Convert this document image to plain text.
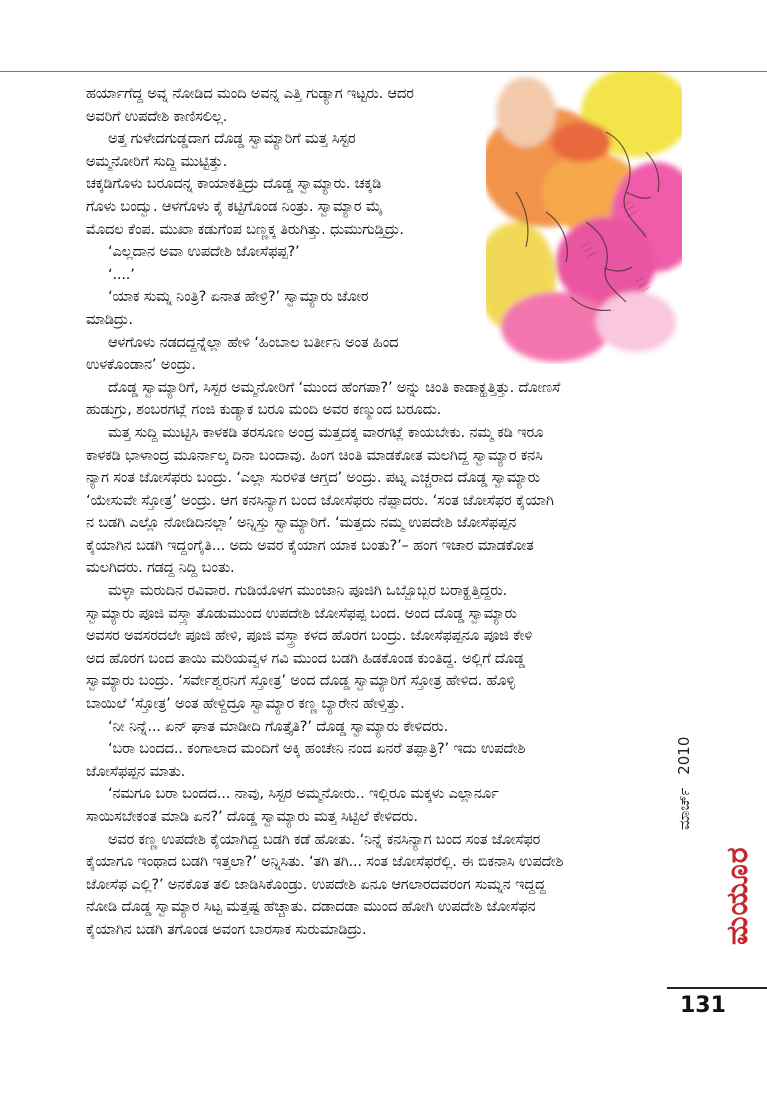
ಹರ್ಯಾಗೆದ್ದ ಅವ್ನ ನೋಡಿದ ಮಂದಿ ಅವನ್ನ ಎತ್ತಿ ಗುಡ್ಯಾಗ ಇಟ್ಟರು. ಆದರ
ಅವರಿಗೆ ಉಪದೇಶಿ ಕಾಣಿಸಲಿಲ್ಲ.
ಅತ್ತ ಗುಳೇದಗುಡ್ಡದಾಗ ದೊಡ್ಡ ಸ್ವಾಮ್ಯಾರಿಗೆ ಮತ್ತ ಸಿಸ್ಟರ
ಅಮ್ಮನೋರಿಗೆ ಸುದ್ದಿ ಮುಟ್ಟಿತ್ತು.
ಚಕ್ಕಡಿಗೊಳು ಬರೂದನ್ನ ಕಾಯಾಕತ್ತಿದ್ರು ದೊಡ್ಡ ಸ್ವಾಮ್ಯಾರು. ಚಕ್ಕಡಿ
ಗೊಳು ಬಂದ್ವು. ಆಳಗೊಳು ಕೈ ಕಟ್ಟಿಗೊಂಡ ನಿಂತ್ರು. ಸ್ವಾಮ್ಯಾರ ಮೈ
ಮೊದಲ ಕೆಂಪ. ಮುಖಾ ಕಡುಗೆಂಪ ಬಣ್ಣಕ್ಕ ತಿರುಗಿತ್ತು. ಧುಮುಗುಡ್ತಿದ್ರು.
‘ಎಲ್ಲದಾನ ಅವಾ ಉಪದೇಶಿ ಜೋಸೆಫಪ್ಪ?’
‘....’
‘ಯಾಕ ಸುಮ್ನ ನಿಂತ್ರಿ? ಏನಾತ ಹೇಳ್ರಿ?’ ಸ್ವಾಮ್ಯಾರು ಜೋರ
ಮಾಡಿದ್ರು.
ಆಳಗೊಳು ನಡದದ್ದನ್ನೆಲ್ಲಾ ಹೇಳಿ ‘ಹಿಂಬಾಲ ಬರ್ತೀನಿ ಅಂತ ಹಿಂದ
ಉಳಕೊಂಡಾನ’ ಅಂದ್ರು.
ದೊಡ್ಡ ಸ್ವಾಮ್ಯಾರಿಗೆ, ಸಿಸ್ಟರ ಅಮ್ಮನೋರಿಗೆ ‘ಮುಂದ ಹೆಂಗಪಾ?’ ಅನ್ನು ಚಿಂತಿ ಕಾಡಾಕ್ಹತ್ತಿತ್ತು. ದೋಣಸೆ
ಹುಡುಗ್ರು, ಶಂಬರಗಟ್ಲೆ ಗಂಜಿ ಕುಡ್ಯಾಕ ಬರೂ ಮಂದಿ ಅವರ ಕಣ್ಮುಂದ ಬರೂದು.
ಮತ್ತ ಸುದ್ದಿ ಮುಟ್ಟಿಸಿ ಕಾಳಕಡಿ ತರಸೂಣ ಅಂದ್ರ ಮತ್ತದಕ್ಕ ವಾರಗಟ್ಲೆ ಕಾಯಬೇಕು. ನಮ್ಮ ಕಡಿ ಇರೂ
ಕಾಳಕಡಿ ಭಾಳಾಂದ್ರ ಮೂರ್ನಾಲ್ಕ ದಿನಾ ಬಂದಾವು. ಹಿಂಗ ಚಿಂತಿ ಮಾಡಕೋತ ಮಲಗಿದ್ದ ಸ್ವಾಮ್ಯಾರ ಕನಸಿ
ನ್ಯಾಗ ಸಂತ ಜೋಸೆಫರು ಬಂದ್ರು. ‘ಎಲ್ಲಾ ಸುರಳಿತ ಆಗ್ತದ’ ಅಂದ್ರು. ಪಟ್ನ ಎಚ್ಚರಾದ ದೊಡ್ಡ ಸ್ವಾಮ್ಯಾರು
‘ಯೇಸುವೇ ಸ್ತೋತ್ರ’ ಅಂದ್ರು. ಆಗ ಕನಸಿನ್ಯಾಗ ಬಂದ ಜೋಸೆಫರು ನೆಪ್ಪಾದರು. ‘ಸಂತ ಜೋಸೆಫರ ಕೈಯಾಗಿ
ನ ಬಡಗಿ ಎಲ್ಲೊ ನೋಡಿದಿನಲ್ಲಾ’ ಅನ್ನಿಸ್ತು ಸ್ವಾಮ್ಯಾರಿಗೆ. ‘ಮತ್ತದು ನಮ್ಮ ಉಪದೇಶಿ ಜೋಸೆಫಪ್ಪನ
ಕೈಯಾಗಿನ ಬಡಗಿ ಇದ್ದಂಗೈತಿ... ಅದು ಅವರ ಕೈಯಾಗ ಯಾಕ ಬಂತು?’– ಹಂಗ ಇಚಾರ ಮಾಡಕೋತ
ಮಲಗಿದರು. ಗಡದ್ದ ನಿದ್ದಿ ಬಂತು.
ಮಳ್ಳಾ ಮರುದಿನ ರವಿವಾರ. ಗುಡಿಯೊಳಗ ಮುಂಜಾನಿ ಪೂಜಿಗಿ ಒಬ್ಬೊಬ್ಬರ ಬರಾಕ್ಹತ್ತಿದ್ದರು.
ಸ್ವಾಮ್ಯಾರು ಪೂಜಿ ವಸ್ತ್ರಾ ತೊಡುಮುಂದ ಉಪದೇಶಿ ಜೋಸೆಫಪ್ಪ ಬಂದ. ಅಂದ ದೊಡ್ಡ ಸ್ವಾಮ್ಯಾರು
ಅವಸರ ಅವಸರದಲೇ ಪೂಜಿ ಹೇಳಿ, ಪೂಜಿ ವಸ್ತ್ರಾ ಕಳದ ಹೊರಗ ಬಂದ್ರು. ಜೋಸೆಫಪ್ಪನೂ ಪೂಜಿ ಕೇಳಿ
ಅದ ಹೊರಗ ಬಂದ ತಾಯಿ ಮರಿಯವ್ವಳ ಗವಿ ಮುಂದ ಬಡಗಿ ಹಿಡಕೊಂಡ ಕುಂತಿದ್ದ. ಅಲ್ಲಿಗೆ ದೊಡ್ಡ
ಸ್ವಾಮ್ಯಾರು ಬಂದ್ರು. ‘ಸರ್ವೇಶ್ವರನಿಗೆ ಸ್ತೋತ್ರ’ ಅಂದ ದೊಡ್ಡ ಸ್ವಾಮ್ಯಾರಿಗೆ ಸ್ತೋತ್ರ ಹೇಳಿದ. ಹೊಳ್ಳಿ
ಬಾಯಿಲೆ ‘ಸ್ತೋತ್ರ’ ಅಂತ ಹೇಳ್ದಿದ್ರೂ ಸ್ವಾಮ್ಯಾರ ಕಣ್ಣ ಬ್ಯಾರೇನ ಹೇಳ್ತಿತ್ತು.
‘ನೀ ನಿನ್ನೆ... ಏನ್ ಘಾತ ಮಾಡೀದಿ ಗೊತ್ತೈತಿ?’ ದೊಡ್ಡ ಸ್ವಾಮ್ಯಾರು ಕೇಳಿದರು.
‘ಬರಾ ಬಂದದ.. ಕಂಗಾಲಾದ ಮಂದಿಗೆ ಅಕ್ಕಿ ಹಂಚೇನಿ ನಂದ ಏನರೆ ತಪ್ಪಾತ್ರಿ?’ ಇದು ಉಪದೇಶಿ
ಜೋಸೆಫಪ್ಪನ ಮಾತು.
‘ನಮಗೂ ಬರಾ ಬಂದದ... ನಾವು, ಸಿಸ್ಟರ ಅಮ್ಮನೋರು.. ಇಲ್ಲಿರೂ ಮಕ್ಕಳು ಎಲ್ಲಾರ್ನೂ
ಸಾಯಿಸಬೇಕಂತ ಮಾಡಿ ಏನ?’ ದೊಡ್ಡ ಸ್ವಾಮ್ಯಾರು ಮತ್ತ ಸಿಟ್ಟಿಲೆ ಕೇಳಿದರು.
ಅವರ ಕಣ್ಣ ಉಪದೇಶಿ ಕೈಯಾಗಿದ್ದ ಬಡಗಿ ಕಡೆ ಹೋತು. ‘ನಿನ್ನೆ ಕನಸಿನ್ಯಾಗ ಬಂದ ಸಂತ ಜೋಸೆಫರ
ಕೈಯಾಗೂ ಇಂಥಾದ ಬಡಗಿ ಇತ್ತಲಾ?’ ಅನ್ನಿಸಿತು. ‘ತಗಿ ತಗಿ... ಸಂತ ಜೋಸೆಫರೆಲ್ಲಿ. ಈ ಬಿಕನಾಸಿ ಉಪದೇಶಿ
ಜೋಸೆಫ ಎಲ್ಲಿ?’ ಅನಕೊತ ತಲಿ ಜಾಡಿಸಿಕೊಂಡ್ರು. ಉಪದೇಶಿ ಏನೂ ಆಗಲಾರದವರಂಗ ಸುಮ್ನನ ಇದ್ದದ್ದ
ನೋಡಿ ದೊಡ್ಡ ಸ್ವಾಮ್ಯಾರ ಸಿಟ್ಟ ಮತ್ತಷ್ಟ ಹೆಚ್ಚಾತು. ದಡಾದಡಾ ಮುಂದ ಹೋಗಿ ಉಪದೇಶಿ ಜೋಸೆಫನ
ಕೈಯಾಗಿನ ಬಡಗಿ ತಗೊಂಡ ಅವಂಗ ಬಾರಸಾಕ ಸುರುಮಾಡಿದ್ರು.
ಮಾರ್ಚ್ 2010
ಮಯೂರ
131
